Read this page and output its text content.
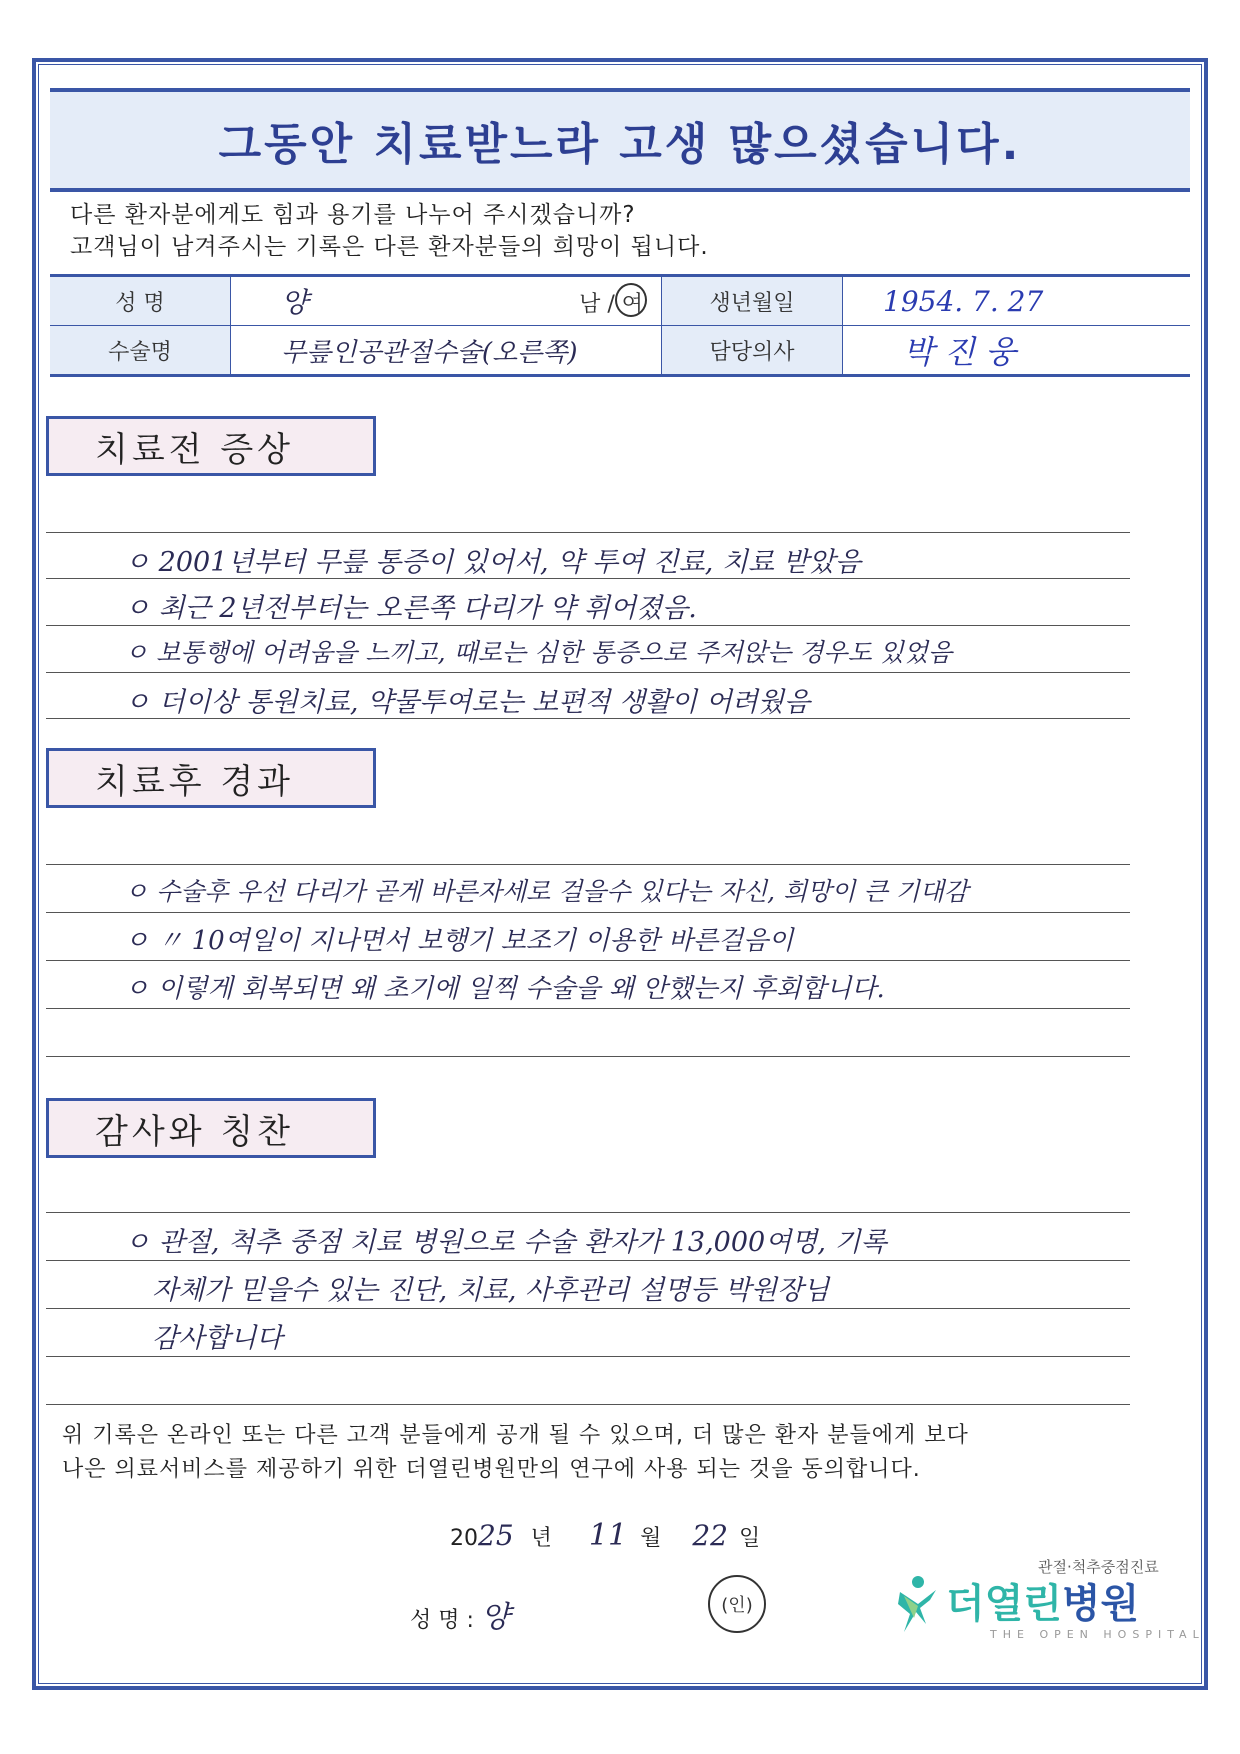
그동안 치료받느라 고생 많으셨습니다.
다른 환자분에게도 힘과 용기를 나누어 주시겠습니까?
고객님이 남겨주시는 기록은 다른 환자분들의 희망이 됩니다.
성 명	양 남 / 여	생년월일	1954. 7. 27
수술명	무릎인공관절수술(오른쪽)	담당의사	박 진 웅
치료전 증상
ㅇ 2001년부터 무릎 통증이 있어서, 약 투여 진료, 치료 받았음
ㅇ 최근 2년전부터는 오른쪽 다리가 약 휘어졌음.
ㅇ 보통행에 어려움을 느끼고, 때로는 심한 통증으로 주저앉는 경우도 있었음
ㅇ 더이상 통원치료, 약물투여로는 보편적 생활이 어려웠음
치료후 경과
ㅇ 수술후 우선 다리가 곧게 바른자세로 걸을수 있다는 자신, 희망이 큰 기대감
ㅇ 〃 10여일이 지나면서 보행기 보조기 이용한 바른걸음이
ㅇ 이렇게 회복되면 왜 초기에 일찍 수술을 왜 안했는지 후회합니다.
감사와 칭찬
ㅇ 관절, 척추 중점 치료 병원으로 수술 환자가 13,000여명, 기록
자체가 믿을수 있는 진단, 치료, 사후관리 설명등 박원장님
감사합니다
위 기록은 온라인 또는 다른 고객 분들에게 공개 될 수 있으며, 더 많은 환자 분들에게 보다
나은 의료서비스를 제공하기 위한 더열린병원만의 연구에 사용 되는 것을 동의합니다.
2025 년 11 월 22 일
성 명 : 양	(인)
관절·척추중점진료
더열린병원
THE OPEN HOSPITAL
